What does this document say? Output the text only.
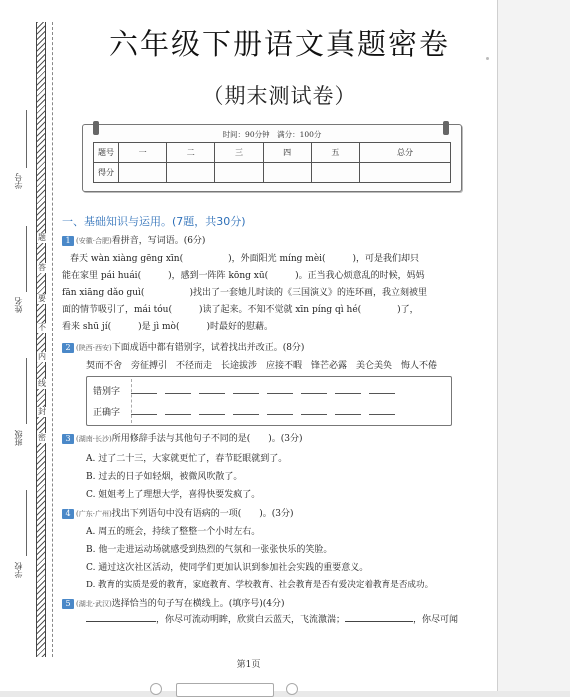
学号
姓名
班级
学校
密
封
线
内
不
要
答
题
六年级下册语文真题密卷
（期末测试卷）
时间：90分钟　满分：100分
题号	一	二	三	四	五	总分
得分						
一、基础知识与运用。(7题，共30分)
1 (安徽·合肥)看拼音，写词语。(6分)
春天 wàn xiàng gēng xīn(　　　　　)，外面阳光 míng mèi(　　　)，可是我们却只
能在家里 pái huái(　　　)，感到一阵阵 kōng xū(　　　)。正当我心烦意乱的时候，妈妈
fān xiāng dǎo guì(　　　　　)找出了一套她儿时读的《三国演义》的连环画，我立刻被里
面的情节吸引了，mái tóu(　　　)读了起来。不知不觉就 xīn píng qì hé(　　　　)了，
看来 shū jí(　　　)是 jì mò(　　　)时最好的慰藉。
2 (陕西·西安)下面成语中都有错别字，试着找出并改正。(8分)
契而不舍　旁征搏引　不径而走　长途拔涉　应接不暇　锋芒必露　美仑美奂　悔人不倦
错别字
正确字
3 (湖南·长沙)所用修辞手法与其他句子不同的是(　　)。(3分)
A. 过了二十三，大家就更忙了，春节眨眼就到了。
B. 过去的日子如轻烟，被微风吹散了。
C. 姐姐考上了理想大学，喜得快要发疯了。
4 (广东·广州)找出下列语句中没有语病的一项(　　)。(3分)
A. 周五的班会，持续了整整一个小时左右。
B. 他一走进运动场就感受到热烈的气氛和一张张快乐的笑脸。
C. 通过这次社区活动，使同学们更加认识到参加社会实践的重要意义。
D. 教育的实质是爱的教育，家庭教育、学校教育、社会教育是否有爱决定着教育是否成功。
5 (湖北·武汉)选择恰当的句子写在横线上。(填序号)(4分)
，你尽可流动明眸，欣赏白云蓝天，飞流激湍；	，你尽可闻
第1页
